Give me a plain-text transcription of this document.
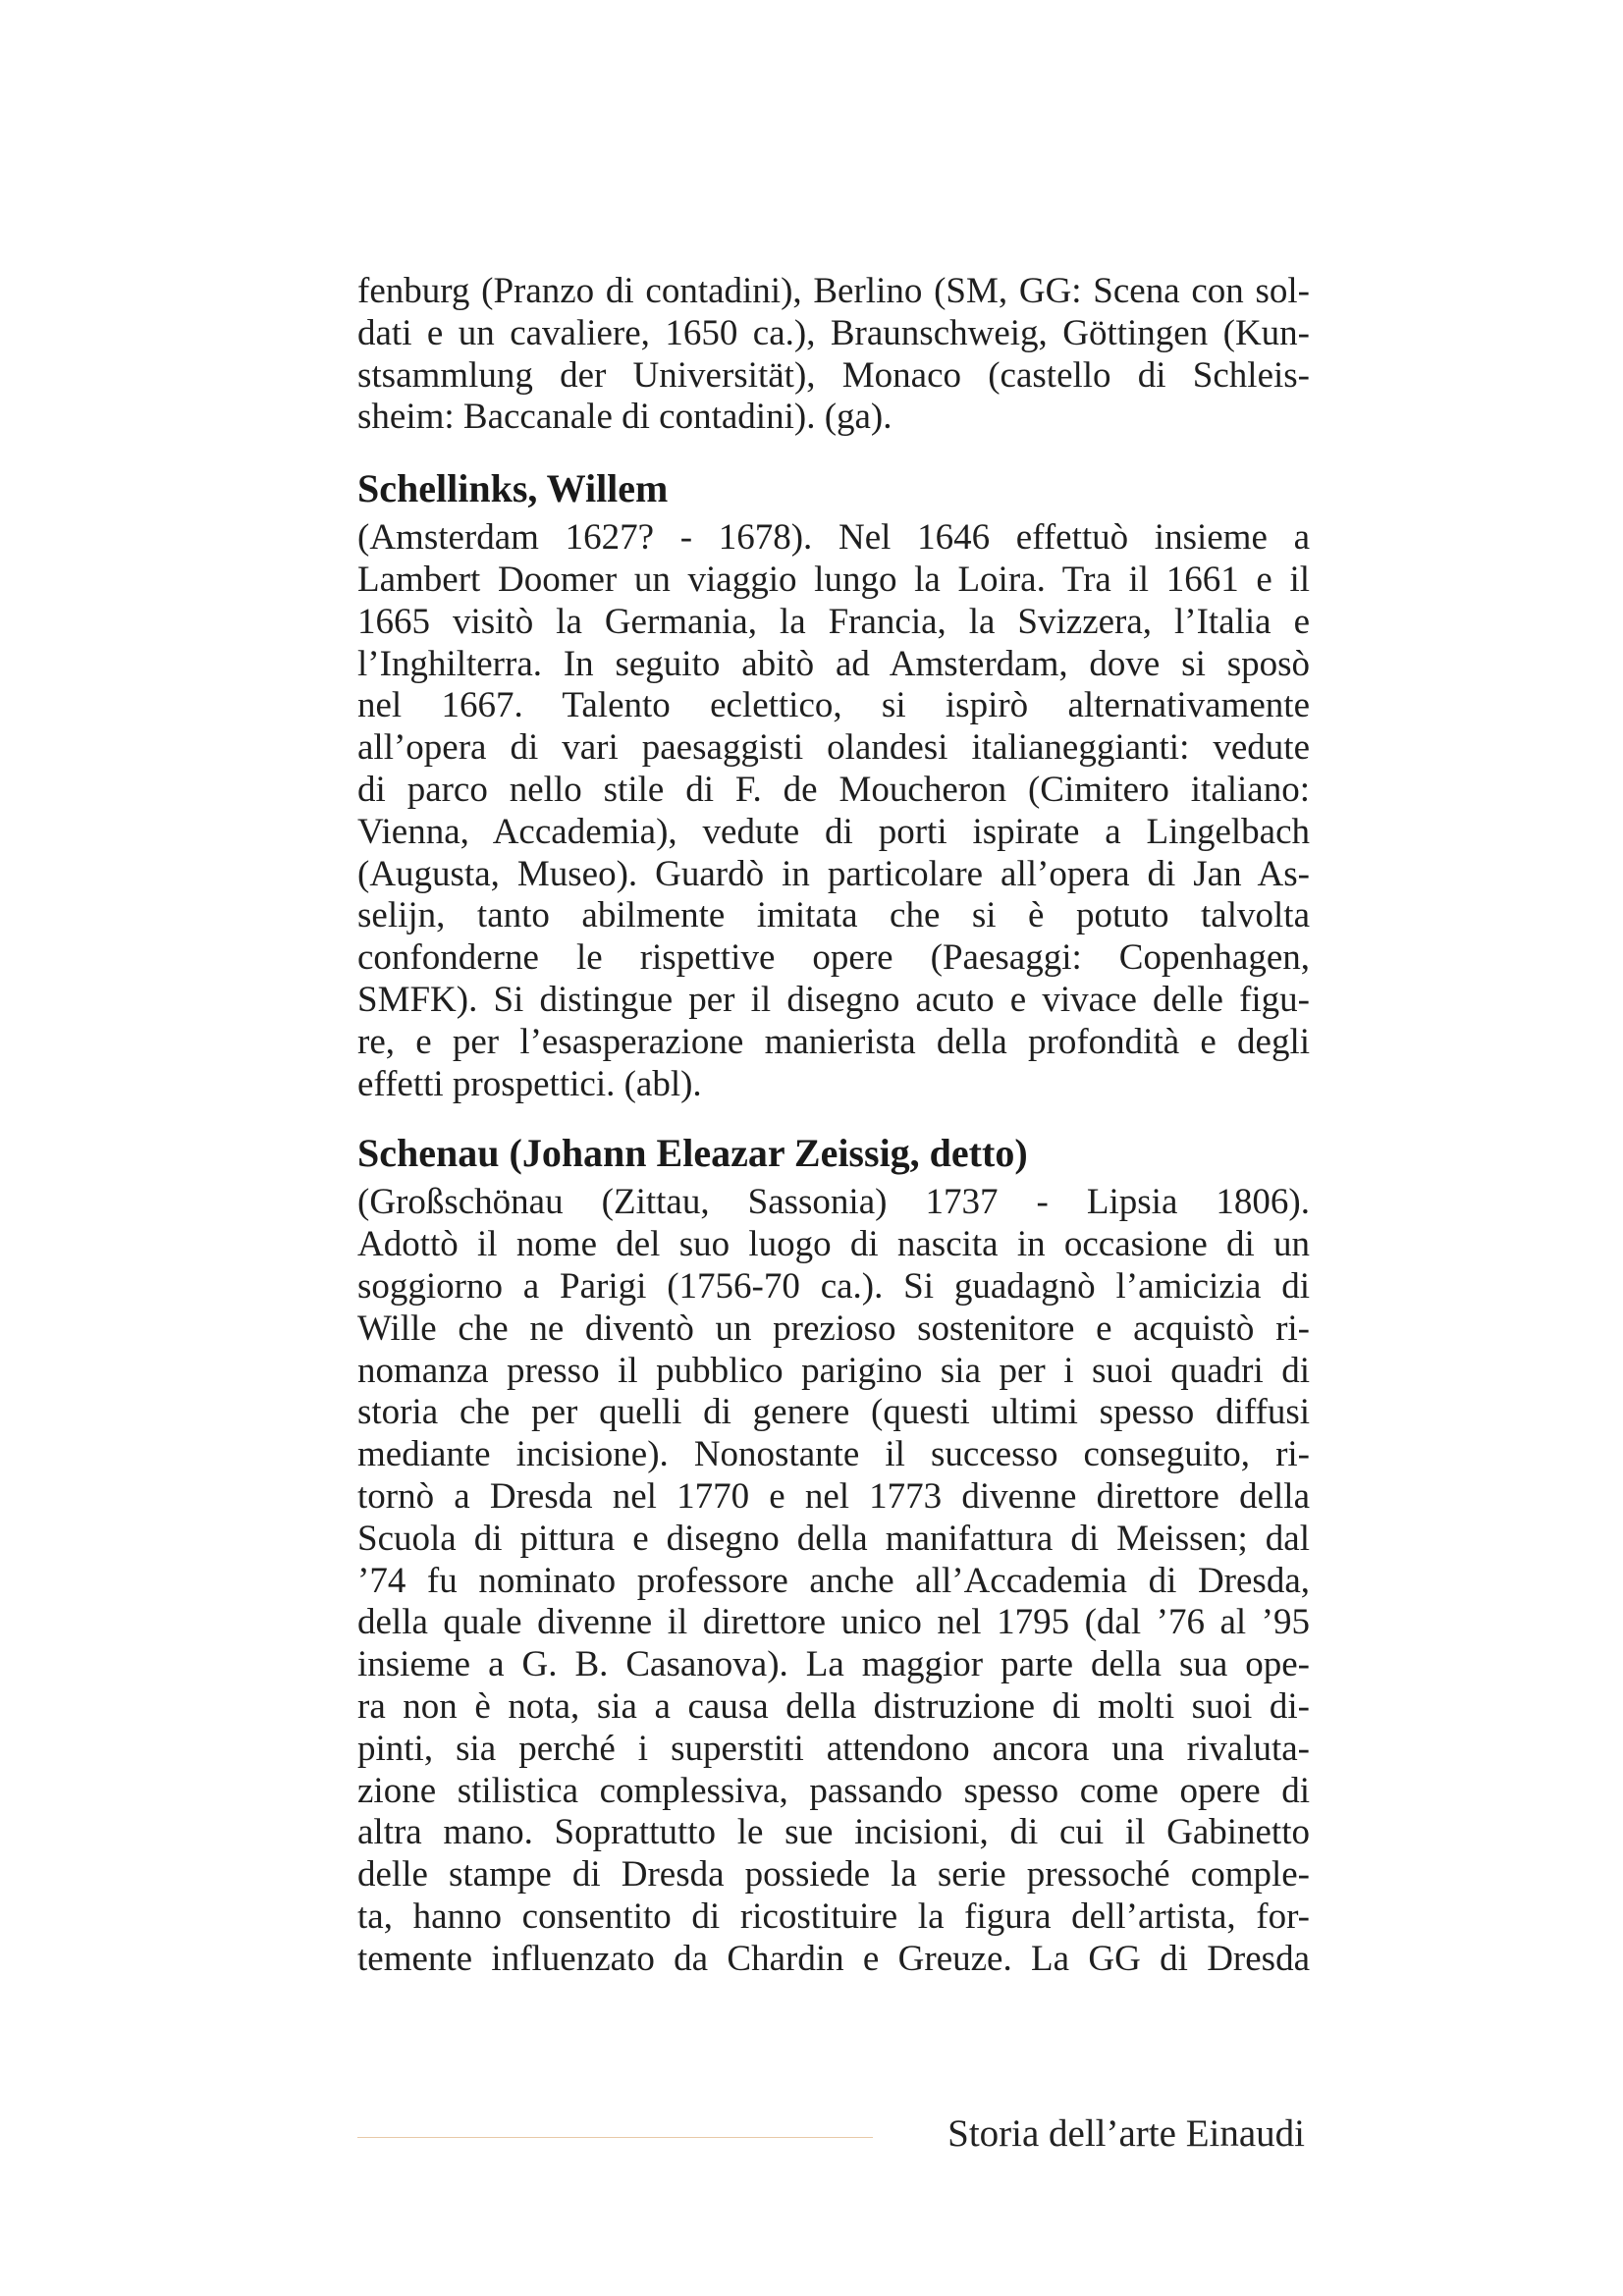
fenburg (Pranzo di contadini), Berlino (SM, GG: Scena con sol-
dati e un cavaliere, 1650 ca.), Braunschweig, Göttingen (Kun-
stsammlung der Universität), Monaco (castello di Schleis-
sheim: Baccanale di contadini). (ga).
Schellinks, Willem
(Amsterdam 1627? - 1678). Nel 1646 effettuò insieme a
Lambert Doomer un viaggio lungo la Loira. Tra il 1661 e il
1665 visitò la Germania, la Francia, la Svizzera, l’Italia e
l’Inghilterra. In seguito abitò ad Amsterdam, dove si sposò
nel 1667. Talento eclettico, si ispirò alternativamente
all’opera di vari paesaggisti olandesi italianeggianti: vedute
di parco nello stile di F. de Moucheron (Cimitero italiano:
Vienna, Accademia), vedute di porti ispirate a Lingelbach
(Augusta, Museo). Guardò in particolare all’opera di Jan As-
selijn, tanto abilmente imitata che si è potuto talvolta
confonderne le rispettive opere (Paesaggi: Copenhagen,
SMFK). Si distingue per il disegno acuto e vivace delle figu-
re, e per l’esasperazione manierista della profondità e degli
effetti prospettici. (abl).
Schenau (Johann Eleazar Zeissig, detto)
(Großschönau (Zittau, Sassonia) 1737 - Lipsia 1806).
Adottò il nome del suo luogo di nascita in occasione di un
soggiorno a Parigi (1756-70 ca.). Si guadagnò l’amicizia di
Wille che ne diventò un prezioso sostenitore e acquistò ri-
nomanza presso il pubblico parigino sia per i suoi quadri di
storia che per quelli di genere (questi ultimi spesso diffusi
mediante incisione). Nonostante il successo conseguito, ri-
tornò a Dresda nel 1770 e nel 1773 divenne direttore della
Scuola di pittura e disegno della manifattura di Meissen; dal
’74 fu nominato professore anche all’Accademia di Dresda,
della quale divenne il direttore unico nel 1795 (dal ’76 al ’95
insieme a G. B. Casanova). La maggior parte della sua ope-
ra non è nota, sia a causa della distruzione di molti suoi di-
pinti, sia perché i superstiti attendono ancora una rivaluta-
zione stilistica complessiva, passando spesso come opere di
altra mano. Soprattutto le sue incisioni, di cui il Gabinetto
delle stampe di Dresda possiede la serie pressoché comple-
ta, hanno consentito di ricostituire la figura dell’artista, for-
temente influenzato da Chardin e Greuze. La GG di Dresda
Storia dell’arte Einaudi
